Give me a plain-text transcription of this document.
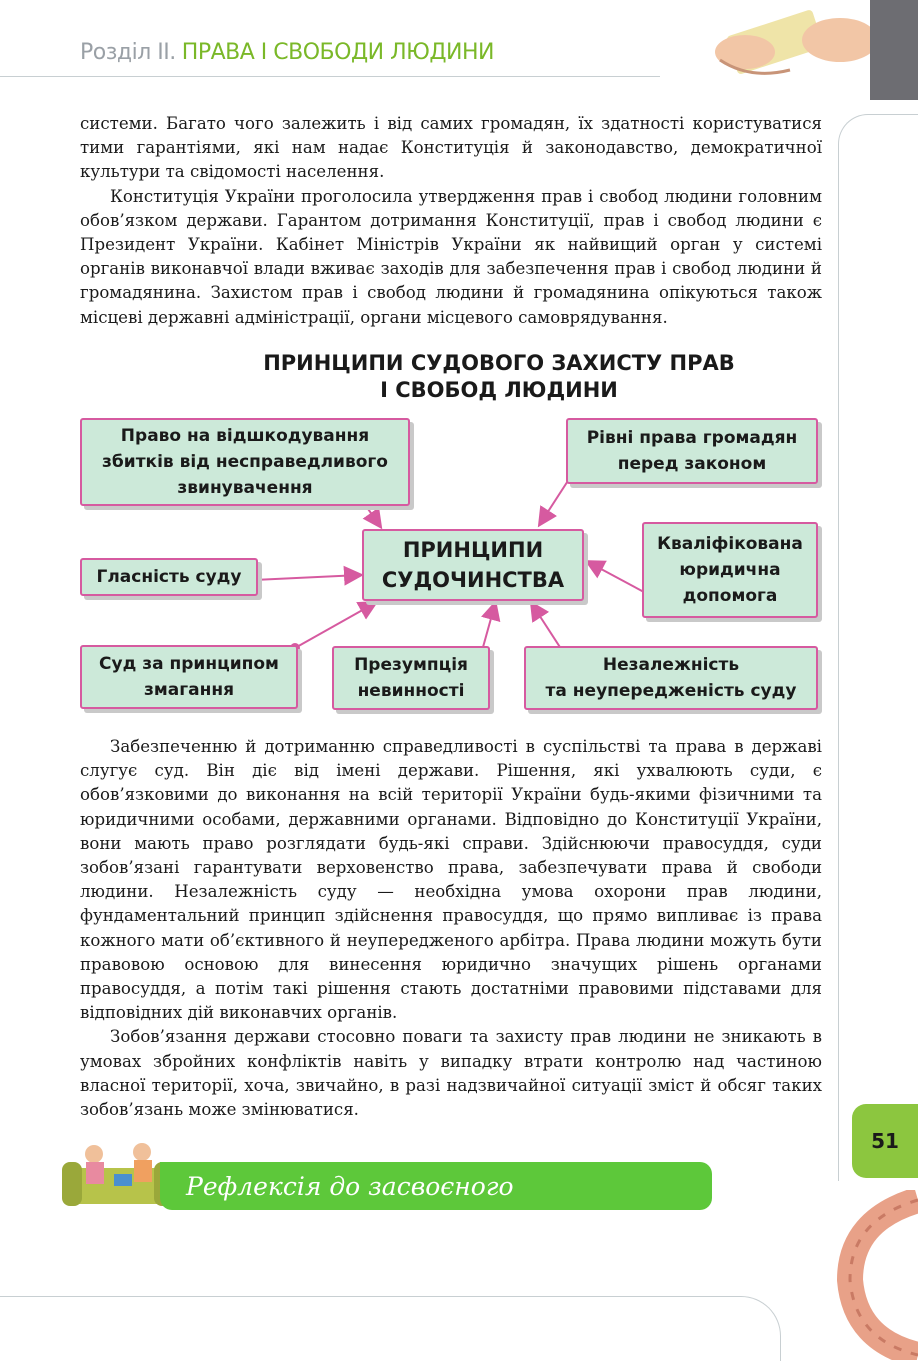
Розділ ІІ. ПРАВА І СВОБОДИ ЛЮДИНИ

системи. Багато чого залежить і від самих громадян, їх здатності користуватися тими гарантіями, які нам надає Конституція й законодавство, демократичної культури та свідомості населення.

Конституція України проголосила утвердження прав і свобод людини головним обов’язком держави. Гарантом дотримання Конституції, прав і свобод людини є Президент України. Кабінет Міністрів України як найвищий орган у системі органів виконавчої влади вживає заходів для забезпечення прав і свобод людини й громадянина. Захистом прав і свобод людини й громадянина опікуються також місцеві державні адміністрації, органи місцевого самоврядування.

ПРИНЦИПИ СУДОВОГО ЗАХИСТУ ПРАВ
І СВОБОД ЛЮДИНИ
Право на відшкодування
збитків від несправедливого
звинувачення
Рівні права громадян
перед законом
ПРИНЦИПИ
СУДОЧИНСТВА
Гласність суду
Кваліфікована
юридична
допомога
Суд за принципом
змагання
Презумпція
невинності
Незалежність
та неупередженість суду

Забезпеченню й дотриманню справедливості в суспільстві та права в державі слугує суд. Він діє від імені держави. Рішення, які ухвалюють суди, є обов’язковими до виконання на всій території України будь-якими фізичними та юридичними особами, державними органами. Відповідно до Конституції України, вони мають право розглядати будь-які справи. Здійснюючи правосуддя, суди зобов’язані гарантувати верховенство права, забезпечувати права й свободи людини. Незалежність суду — необхідна умова охорони прав людини, фундаментальний принцип здійснення правосуддя, що прямо випливає із права кожного мати об’єктивного й неупередженого арбітра. Права людини можуть бути правовою основою для винесення юридично значущих рішень органами правосуддя, а потім такі рішення стають достатніми правовими підставами для відповідних дій виконавчих органів.

Зобов’язання держави стосовно поваги та захисту прав людини не зникають в умовах збройних конфліктів навіть у випадку втрати контролю над частиною власної території, хоча, звичайно, в разі надзвичайної ситуації зміст й обсяг таких зобов’язань може змінюватися.

51
Рефлексія до засвоєного
